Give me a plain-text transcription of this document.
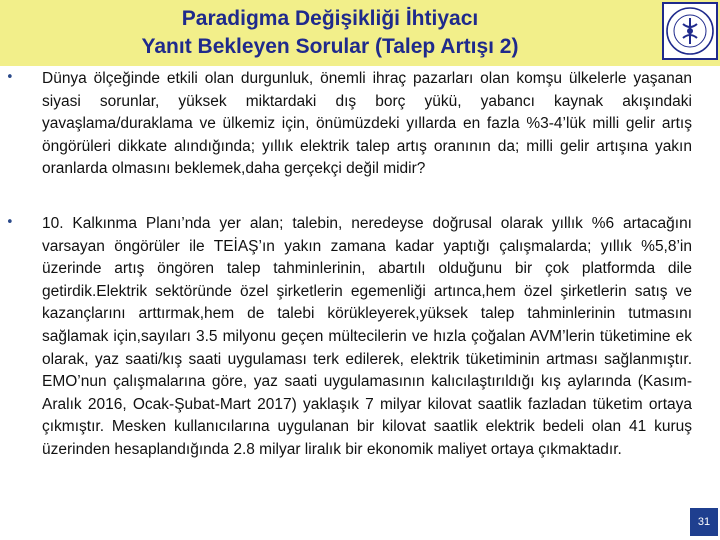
Paradigma Değişikliği İhtiyacı
Yanıt Bekleyen Sorular (Talep Artışı 2)
• Dünya ölçeğinde etkili olan durgunluk, önemli ihraç pazarları olan komşu ülkelerle yaşanan siyasi sorunlar, yüksek miktardaki dış borç yükü, yabancı kaynak akışındaki yavaşlama/duraklama ve ülkemiz için, önümüzdeki yıllarda en fazla %3-4’lük milli gelir artış öngörüleri dikkate alındığında; yıllık elektrik talep artış oranının da; milli gelir artışına yakın oranlarda olmasını beklemek,daha gerçekçi değil midir?
• 10. Kalkınma Planı’nda yer alan; talebin, neredeyse doğrusal olarak yıllık %6 artacağını varsayan öngörüler ile TEİAŞ’ın yakın zamana kadar yaptığı çalışmalarda; yıllık %5,8’in üzerinde artış öngören talep tahminlerinin, abartılı olduğunu bir çok platformda dile getirdik.Elektrik sektöründe özel şirketlerin egemenliği artınca,hem özel şirketlerin satış ve kazançlarını arttırmak,hem de talebi körükleyerek,yüksek talep tahminlerinin tutmasını sağlamak için,sayıları 3.5 milyonu geçen mültecilerin ve hızla çoğalan AVM’lerin tüketimine ek olarak, yaz saati/kış saati uygulaması terk edilerek, elektrik tüketiminin artması sağlanmıştır. EMO’nun çalışmalarına göre, yaz saati uygulamasının kalıcılaştırıldığı kış aylarında (Kasım-Aralık 2016, Ocak-Şubat-Mart 2017) yaklaşık 7 milyar kilovat saatlik fazladan tüketim ortaya çıkmıştır. Mesken kullanıcılarına uygulanan bir kilovat saatlik elektrik bedeli olan 41 kuruş üzerinden hesaplandığında 2.8 milyar liralık bir ekonomik maliyet ortaya çıkmaktadır.
31
